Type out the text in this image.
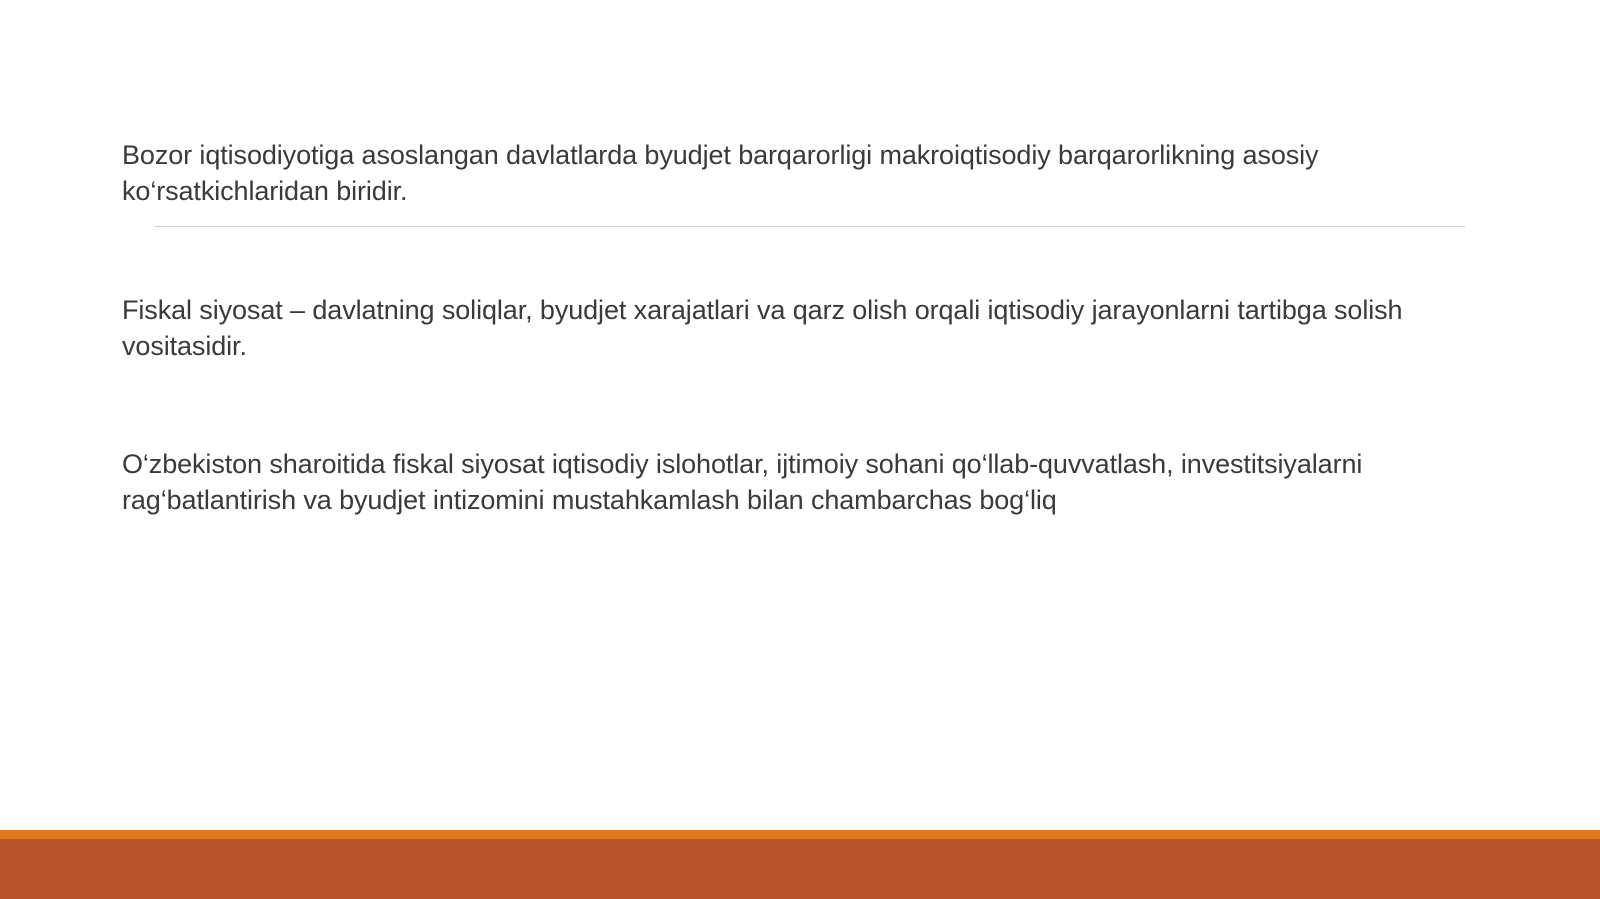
Bozor iqtisodiyotiga asoslangan davlatlarda byudjet barqarorligi makroiqtisodiy barqarorlikning asosiy ko‘rsatkichlaridan biridir.

Fiskal siyosat – davlatning soliqlar, byudjet xarajatlari va qarz olish orqali iqtisodiy jarayonlarni tartibga solish vositasidir.

O‘zbekiston sharoitida fiskal siyosat iqtisodiy islohotlar, ijtimoiy sohani qo‘llab-quvvatlash, investitsiyalarni rag‘batlantirish va byudjet intizomini mustahkamlash bilan chambarchas bog‘liq
